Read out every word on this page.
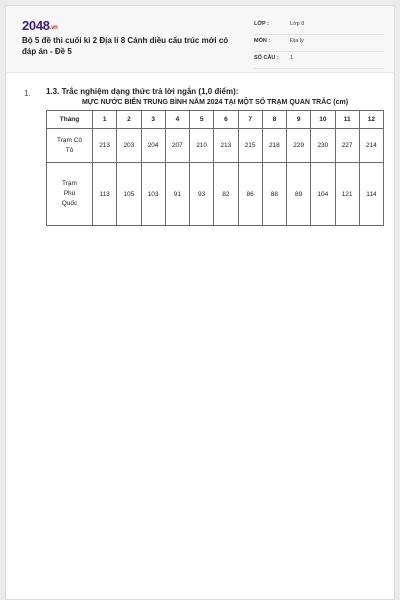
2048.vn
Bộ 5 đề thi cuối kì 2 Địa lí 8 Cánh diều cấu trúc mới có đáp án - Đề 5
LỚP :	Lớp 8
MÔN :	Địa lý
SỐ CÂU : 1
1. 1.3. Trắc nghiệm dạng thức trả lời ngắn (1,0 điểm):
MỰC NƯỚC BIỂN TRUNG BÌNH NĂM 2024 TẠI MỘT SỐ TRẠM QUAN TRẮC (cm)
Tháng	1	2	3	4	5	6	7	8	9	10	11	12
Trạm Cô
Tô	213	203	204	207	210	213	215	218	229	230	227	214
Trạm
Phú
Quốc	113	105	103	91	93	82	86	88	89	104	121	114
